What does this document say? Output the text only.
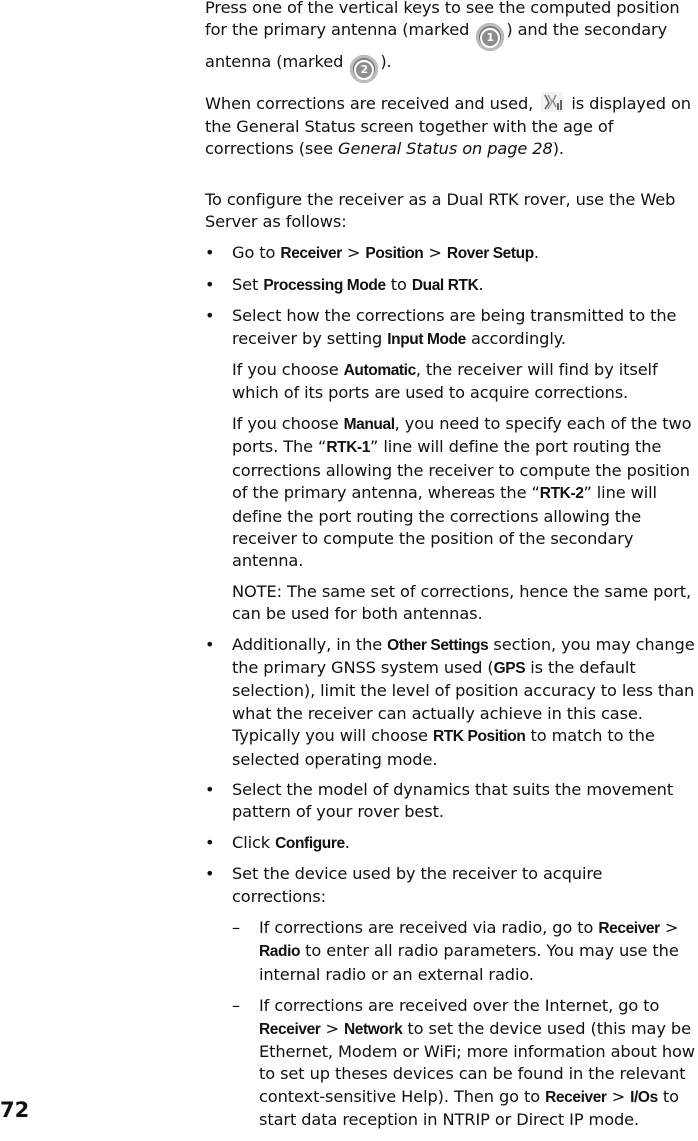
Press one of the vertical keys to see the computed position for the primary antenna (marked 1 ) and the secondary antenna (marked 2 ).

When corrections are received and used, is displayed on the General Status screen together with the age of corrections (see General Status on page 28).

To configure the receiver as a Dual RTK rover, use the Web Server as follows:

• Go to Receiver > Position > Rover Setup.
• Set Processing Mode to Dual RTK.
• Select how the corrections are being transmitted to the receiver by setting Input Mode accordingly.

If you choose Automatic, the receiver will find by itself which of its ports are used to acquire corrections.

If you choose Manual, you need to specify each of the two ports. The “RTK-1” line will define the port routing the corrections allowing the receiver to compute the position of the primary antenna, whereas the “RTK-2” line will define the port routing the corrections allowing the receiver to compute the position of the secondary antenna.

NOTE: The same set of corrections, hence the same port, can be used for both antennas.

• Additionally, in the Other Settings section, you may change the primary GNSS system used (GPS is the default selection), limit the level of position accuracy to less than what the receiver can actually achieve in this case. Typically you will choose RTK Position to match to the selected operating mode.
• Select the model of dynamics that suits the movement pattern of your rover best.
• Click Configure.
• Set the device used by the receiver to acquire corrections:
– If corrections are received via radio, go to Receiver > Radio to enter all radio parameters. You may use the internal radio or an external radio.
– If corrections are received over the Internet, go to Receiver > Network to set the device used (this may be Ethernet, Modem or WiFi; more information about how to set up theses devices can be found in the relevant context-sensitive Help). Then go to Receiver > I/Os to start data reception in NTRIP or Direct IP mode.
72
